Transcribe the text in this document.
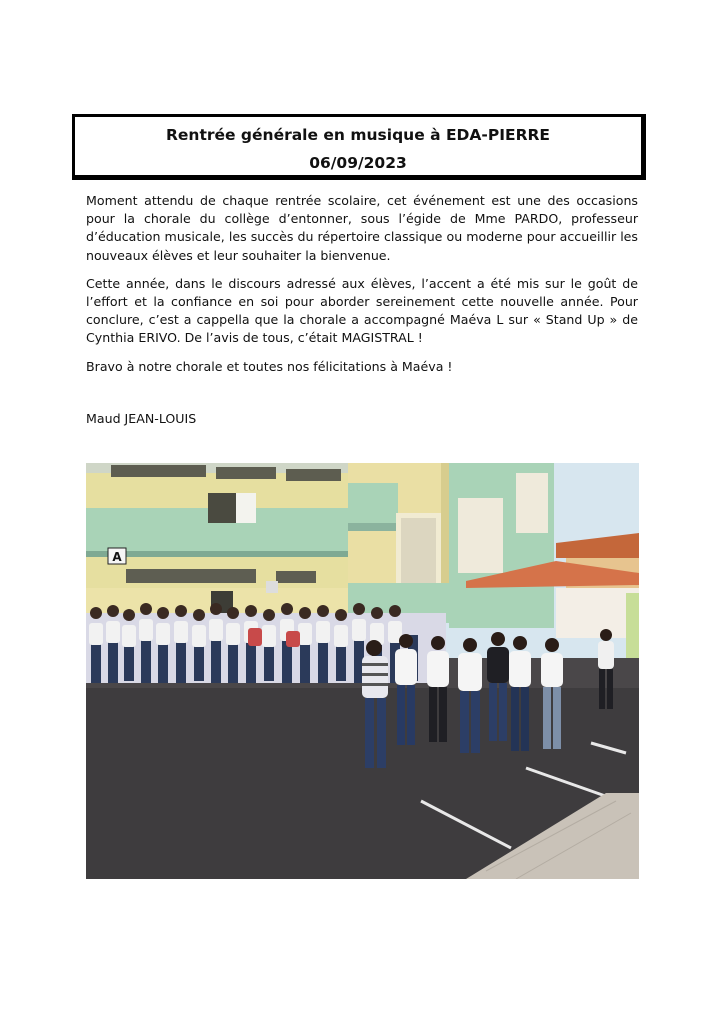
Rentrée générale en musique à EDA-PIERRE

06/09/2023

Moment attendu de chaque rentrée scolaire, cet événement est une des occasions pour la chorale du collège d’entonner, sous l’égide de Mme PARDO, professeur d’éducation musicale, les succès du répertoire classique ou moderne pour accueillir les nouveaux élèves et leur souhaiter la bienvenue.

Cette année, dans le discours adressé aux élèves, l’accent a été mis sur le goût de l’effort et la confiance en soi pour aborder sereinement cette nouvelle année. Pour conclure, c’est a cappella que la chorale a accompagné Maéva L sur « Stand Up » de Cynthia ERIVO. De l’avis de tous, c’était MAGISTRAL !

Bravo à notre chorale et toutes nos félicitations à Maéva !

Maud JEAN-LOUIS
A
